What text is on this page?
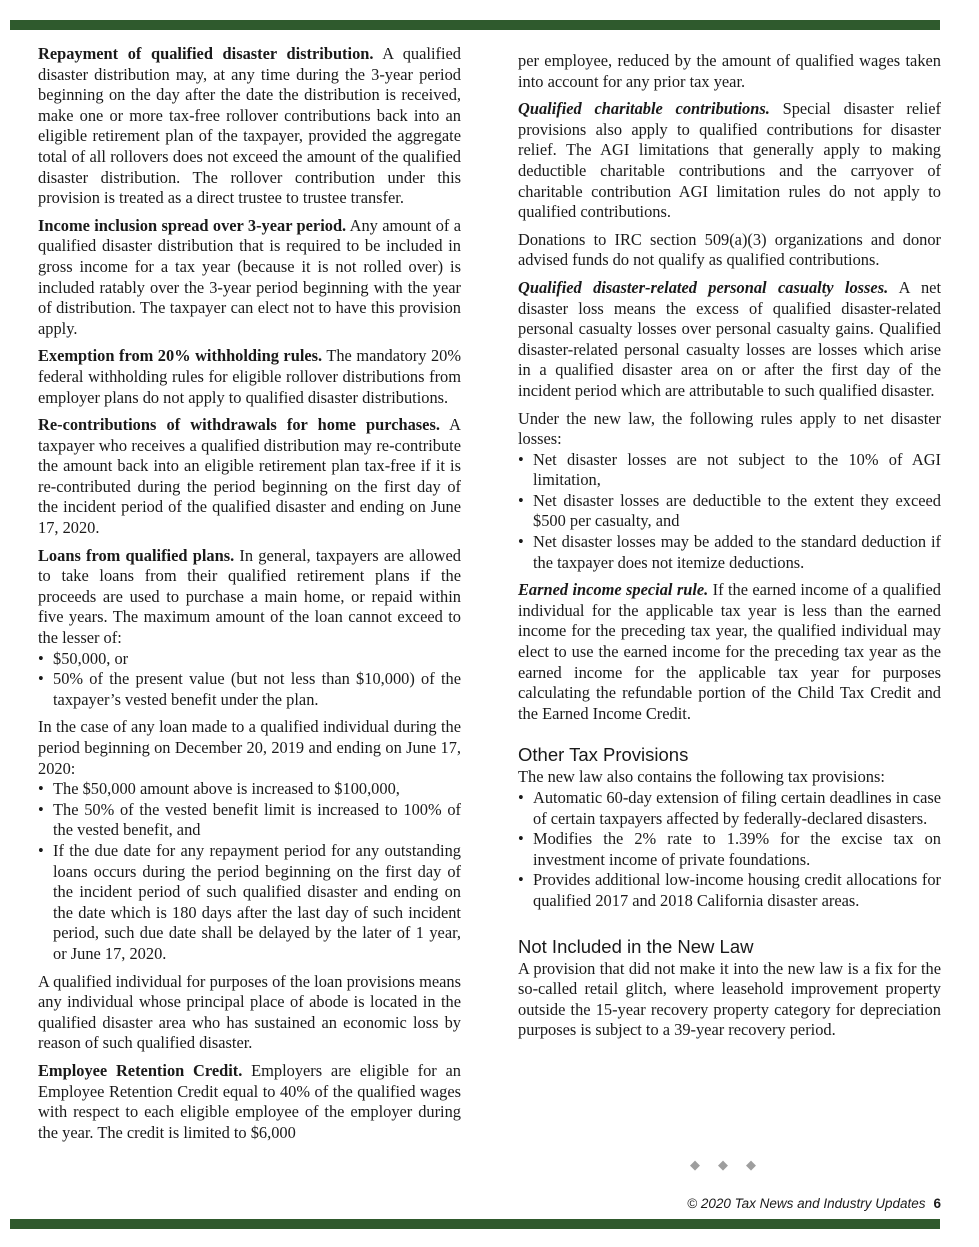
Repayment of qualified disaster distribution. A qualified disaster distribution may, at any time during the 3-year period beginning on the day after the date the distribution is received, make one or more tax-free rollover contributions back into an eligible retirement plan of the taxpayer, provided the aggregate total of all rollovers does not exceed the amount of the qualified disaster distribution. The rollover contribution under this provision is treated as a direct trustee to trustee transfer.

Income inclusion spread over 3-year period. Any amount of a qualified disaster distribution that is required to be included in gross income for a tax year (because it is not rolled over) is included ratably over the 3-year period beginning with the year of distribution. The taxpayer can elect not to have this provision apply.

Exemption from 20% withholding rules. The mandatory 20% federal withholding rules for eligible rollover distributions from employer plans do not apply to qualified disaster distributions.

Re-contributions of withdrawals for home purchases. A taxpayer who receives a qualified distribution may re-contribute the amount back into an eligible retirement plan tax-free if it is re-contributed during the period beginning on the first day of the incident period of the qualified disaster and ending on June 17, 2020.

Loans from qualified plans. In general, taxpayers are allowed to take loans from their qualified retirement plans if the proceeds are used to purchase a main home, or repaid within five years. The maximum amount of the loan cannot exceed to the lesser of:

• $50,000, or
• 50% of the present value (but not less than $10,000) of the taxpayer’s vested benefit under the plan.

In the case of any loan made to a qualified individual during the period beginning on December 20, 2019 and ending on June 17, 2020:

• The $50,000 amount above is increased to $100,000,
• The 50% of the vested benefit limit is increased to 100% of the vested benefit, and
• If the due date for any repayment period for any outstanding loans occurs during the period beginning on the first day of the incident period of such qualified disaster and ending on the date which is 180 days after the last day of such incident period, such due date shall be delayed by the later of 1 year, or June 17, 2020.

A qualified individual for purposes of the loan provisions means any individual whose principal place of abode is located in the qualified disaster area who has sustained an economic loss by reason of such qualified disaster.

Employee Retention Credit. Employers are eligible for an Employee Retention Credit equal to 40% of the qualified wages with respect to each eligible employee of the employer during the year. The credit is limited to $6,000

per employee, reduced by the amount of qualified wages taken into account for any prior tax year.

Qualified charitable contributions. Special disaster relief provisions also apply to qualified contributions for disaster relief. The AGI limitations that generally apply to making deductible charitable contributions and the carryover of charitable contribution AGI limitation rules do not apply to qualified contributions.

Donations to IRC section 509(a)(3) organizations and donor advised funds do not qualify as qualified contributions.

Qualified disaster-related personal casualty losses. A net disaster loss means the excess of qualified disaster-related personal casualty losses over personal casualty gains. Qualified disaster-related personal casualty losses are losses which arise in a qualified disaster area on or after the first day of the incident period which are attributable to such qualified disaster.

Under the new law, the following rules apply to net disaster losses:

• Net disaster losses are not subject to the 10% of AGI limitation,
• Net disaster losses are deductible to the extent they exceed $500 per casualty, and
• Net disaster losses may be added to the standard deduction if the taxpayer does not itemize deductions.

Earned income special rule. If the earned income of a qualified individual for the applicable tax year is less than the earned income for the preceding tax year, the qualified individual may elect to use the earned income for the preceding tax year as the earned income for the applicable tax year for purposes calculating the refundable portion of the Child Tax Credit and the Earned Income Credit.

Other Tax Provisions

The new law also contains the following tax provisions:

• Automatic 60-day extension of filing certain deadlines in case of certain taxpayers affected by federally-declared disasters.
• Modifies the 2% rate to 1.39% for the excise tax on investment income of private foundations.
• Provides additional low-income housing credit allocations for qualified 2017 and 2018 California disaster areas.
Not Included in the New Law

A provision that did not make it into the new law is a fix for the so-called retail glitch, where leasehold improvement property outside the 15-year recovery property category for depreciation purposes is subject to a 39-year recovery period.

◆ ◆ ◆
© 2020 Tax News and Industry Updates 6
